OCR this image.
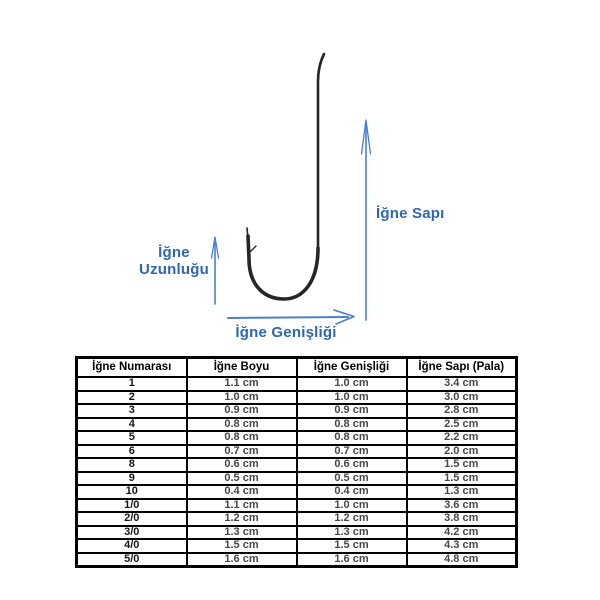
İğne
Uzunluğu
İğne Sapı
İğne Genişliği
İğne Numarası	İğne Boyu	İğne Genişliği	İğne Sapı (Pala)
1	1.1 cm	1.0 cm	3.4 cm
2	1.0 cm	1.0 cm	3.0 cm
3	0.9 cm	0.9 cm	2.8 cm
4	0.8 cm	0.8 cm	2.5 cm
5	0.8 cm	0.8 cm	2.2 cm
6	0.7 cm	0.7 cm	2.0 cm
8	0.6 cm	0.6 cm	1.5 cm
9	0.5 cm	0.5 cm	1.5 cm
10	0.4 cm	0.4 cm	1.3 cm
1/0	1.1 cm	1.0 cm	3.6 cm
2/0	1.2 cm	1.2 cm	3.8 cm
3/0	1.3 cm	1.3 cm	4.2 cm
4/0	1.5 cm	1.5 cm	4.3 cm
5/0	1.6 cm	1.6 cm	4.8 cm
